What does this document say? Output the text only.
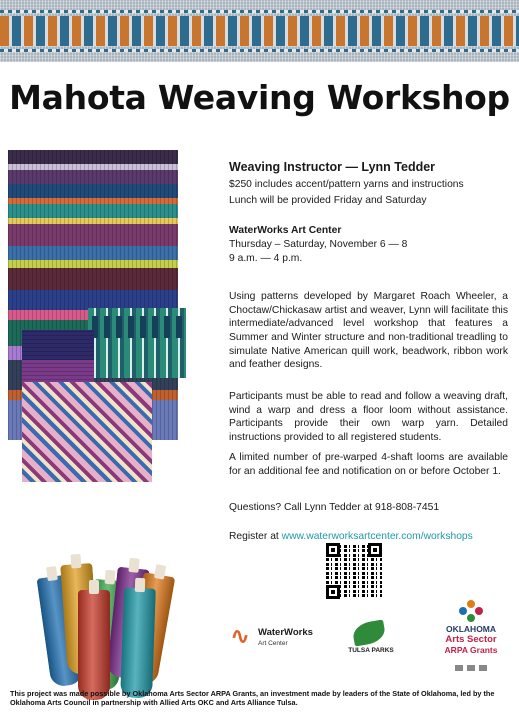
Mahota Weaving Workshop

Weaving Instructor — Lynn Tedder

$250 includes accent/pattern yarns and instructions

Lunch will be provided Friday and Saturday

WaterWorks Art Center

Thursday – Saturday, November 6 — 8

9 a.m. — 4 p.m.

Using patterns developed by Margaret Roach Wheeler, a Choctaw/Chickasaw artist and weaver, Lynn will facilitate this intermediate/advanced level workshop that features a Summer and Winter structure and non-traditional treadling to simulate Native American quill work, beadwork, ribbon work and feather designs.

Participants must be able to read and follow a weaving draft, wind a warp and dress a floor loom without assistance. Participants provide their own warp yarn. Detailed instructions provided to all registered students.

A limited number of pre-warped 4-shaft looms are available for an additional fee and notification on or before October 1.

Questions? Call Lynn Tedder at 918-808-7451

Register at www.waterworksartcenter.com/workshops

∿ WaterWorks
Art Center
TULSA PARKS
OKLAHOMA
Arts Sector
ARPA Grants
This project was made possible by Oklahoma Arts Sector ARPA Grants, an investment made by leaders of the State of Oklahoma, led by the Oklahoma Arts Council in partnership with Allied Arts OKC and Arts Alliance Tulsa.
